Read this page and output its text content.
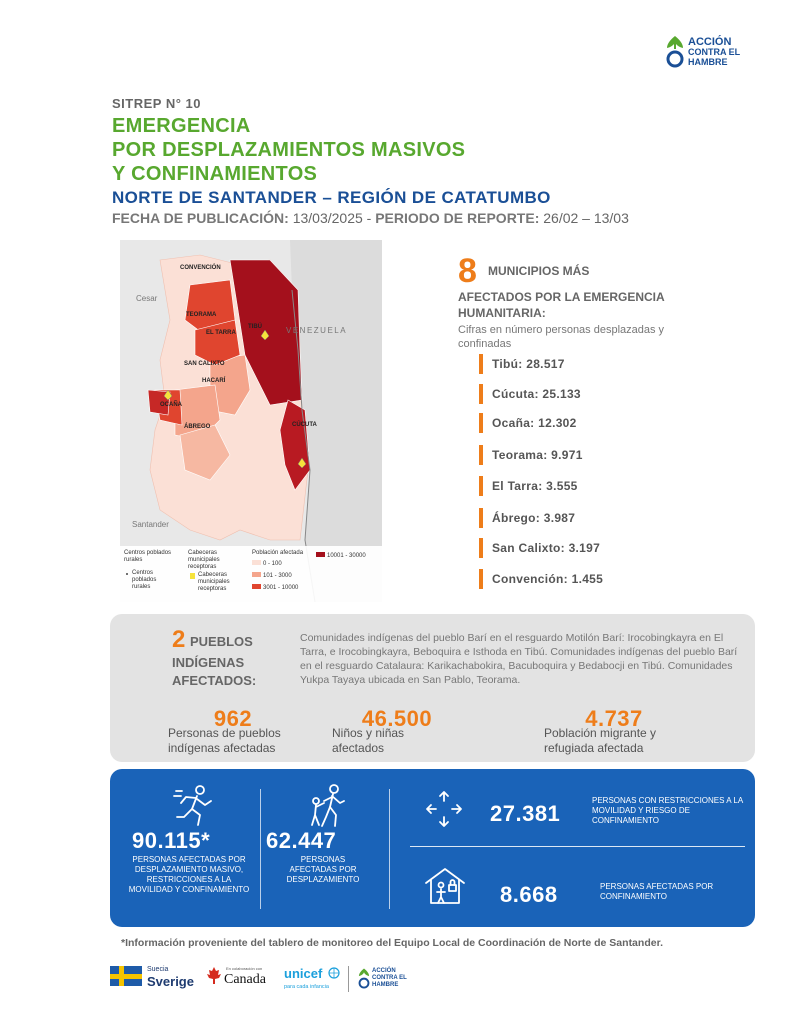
ACCIÓN
CONTRA EL
HAMBRE
SITREP N° 10
EMERGENCIA
POR DESPLAZAMIENTOS MASIVOS
Y CONFINAMIENTOS
NORTE DE SANTANDER – REGIÓN DE CATATUMBO
FECHA DE PUBLICACIÓN: 13/03/2025 - PERIODO DE REPORTE: 26/02 – 13/03
CONVENCIÓN
TEORAMA
EL TARRA
TIBÚ
SAN CALIXTO
HACARÍ
OCAÑA
ÁBREGO	CÚCUTA
VENEZUELA
Cesar
Santander
Centros poblados rurales
Centros poblados rurales
Cabeceras municipales receptoras
Cabeceras municipales receptoras
Población afectada
0 - 100
101 - 3000
3001 - 10000
10001 - 30000
8 MUNICIPIOS MÁS
AFECTADOS POR LA EMERGENCIA HUMANITARIA:
Cifras en número personas desplazadas y confinadas
Tibú: 28.517
Cúcuta: 25.133
Ocaña: 12.302
Teorama: 9.971
El Tarra: 3.555
Ábrego: 3.987
San Calixto: 3.197
Convención: 1.455
2 PUEBLOS
INDÍGENAS AFECTADOS:
Comunidades indígenas del pueblo Barí en el resguardo Motilón Barí: Irocobingkayra en El Tarra, e Irocobingkayra, Beboquira e Isthoda en Tibú. Comunidades indígenas del pueblo Barí en el resguardo Catalaura: Karikachabokira, Bacuboquira y Bedabocji en Tibú. Comunidades Yukpa Tayaya ubicada en San Pablo, Teorama.
962
Personas de pueblos indígenas afectadas
46.500
Niños y niñas afectados
4.737
Población migrante y refugiada afectada
90.115*
PERSONAS AFECTADAS POR DESPLAZAMIENTO MASIVO, RESTRICCIONES A LA MOVILIDAD Y CONFINAMIENTO
62.447
PERSONAS AFECTADAS POR DESPLAZAMIENTO
27.381
PERSONAS CON RESTRICCIONES A LA MOVILIDAD Y RIESGO DE CONFINAMIENTO
8.668	PERSONAS AFECTADAS POR CONFINAMIENTO
*Información proveniente del tablero de monitoreo del Equipo Local de Coordinación de Norte de Santander.
Suecia
Sverige
En colaboración con
Canada unicef
para cada infancia
ACCIÓN
CONTRA EL
HAMBRE
